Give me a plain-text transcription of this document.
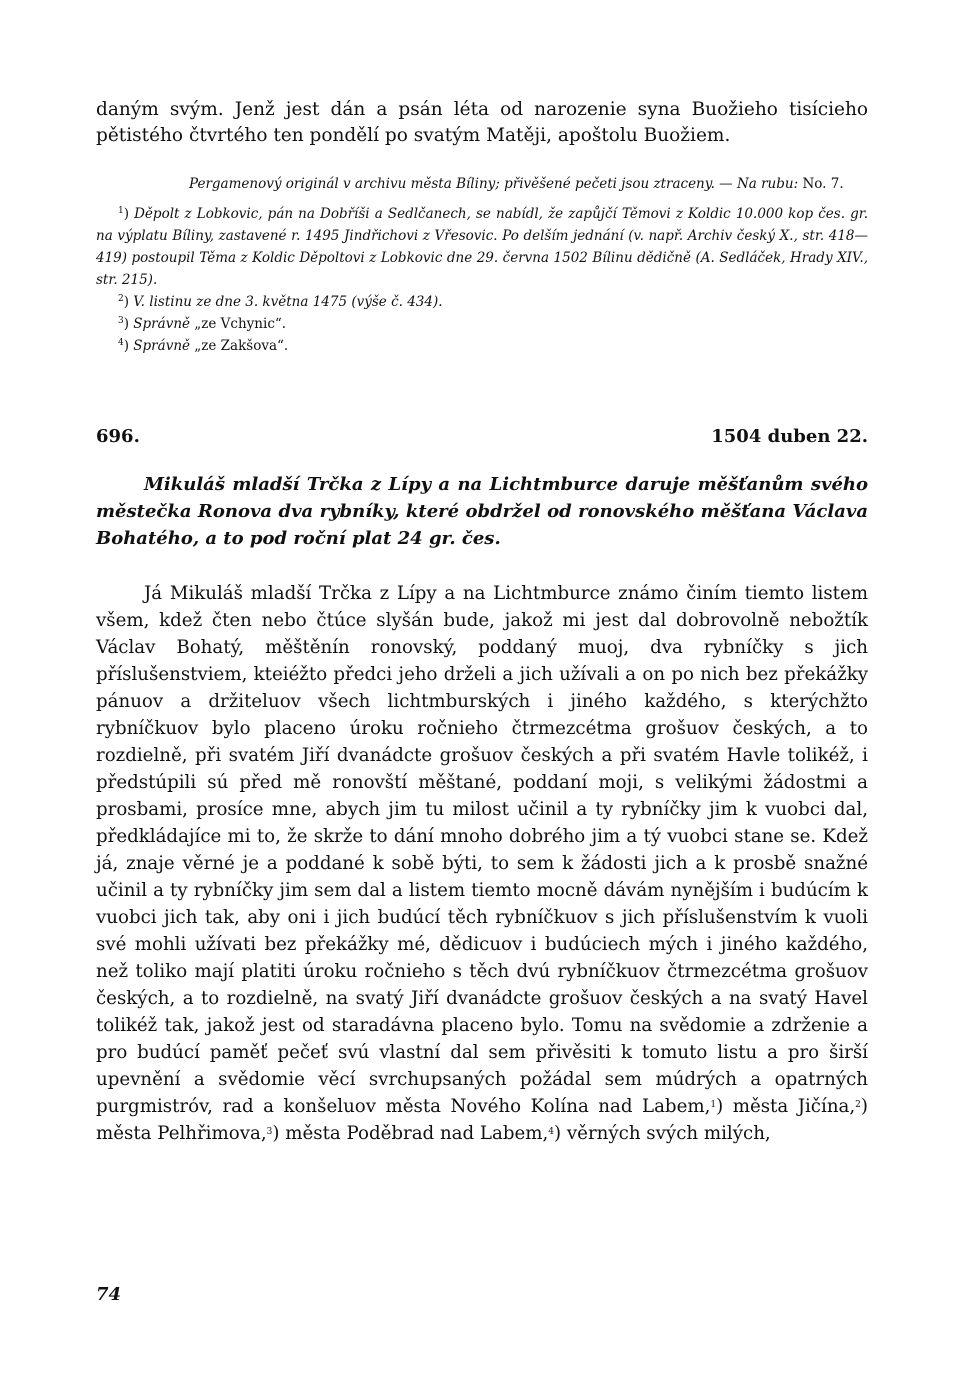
daným svým. Jenž jest dán a psán léta od narozenie syna Buožieho tisícieho pětistého čtvrtého ten pondělí po svatým Matěji, apoštolu Buožiem.

Pergamenový originál v archivu města Bíliny; přivěšené pečeti jsou ztraceny. — Na rubu: No. 7.

$^1$) Děpolt z Lobkovic, pán na Dobříši a Sedlčanech, se nabídl, že zapůjčí Těmovi z Koldic 10.000 kop čes. gr. na výplatu Bíliny, zastavené r. 1495 Jindřichovi z Vřesovic. Po delším jednání (v. např. Archiv český X., str. 418—419) postoupil Těma z Koldic Děpoltovi z Lobkovic dne 29. června 1502 Bílinu dědičně (A. Sedláček, Hrady XIV., str. 215).

$^2$) V. listinu ze dne 3. května 1475 (výše č. 434).

$^3$) Správně „ze Vchynic“.

$^4$) Správně „ze Zakšova“.

696.	1504 duben 22.

Mikuláš mladší Trčka z Lípy a na Lichtmburce daruje měšťanům svého městečka Ronova dva rybníky, které obdržel od ronovského měšťana Václava Bohatého, a to pod roční plat 24 gr. čes.

Já Mikuláš mladší Trčka z Lípy a na Lichtmburce známo činím tiemto listem všem, kdež čten nebo čtúce slyšán bude, jakož mi jest dal dobrovolně nebožtík Václav Bohatý, měštěnín ronovský, poddaný muoj, dva rybníčky s jich příslušenstviem, kteiéžto předci jeho drželi a jich užívali a on po nich bez překážky pánuov a držiteluov všech lichtmburských i jiného každého, s kterýchžto rybníčkuov bylo placeno úroku ročnieho čtrmezcétma grošuov českých, a to rozdielně, při svatém Jiří dvanádcte grošuov českých a při svatém Havle tolikéž, i předstúpili sú před mě ronovští měštané, poddaní moji, s velikými žádostmi a prosbami, prosíce mne, abych jim tu milost učinil a ty rybníčky jim k vuobci dal, předkládajíce mi to, že skrže to dání mnoho dobrého jim a tý vuobci stane se. Kdež já, znaje věrné je a poddané k sobě býti, to sem k žádosti jich a k prosbě snažné učinil a ty rybníčky jim sem dal a listem tiemto mocně dávám nynějším i budúcím k vuobci jich tak, aby oni i jich budúcí těch rybníčkuov s jich příslušenstvím k vuoli své mohli užívati bez překážky mé, dědicuov i budúciech mých i jiného každého, než toliko mají platiti úroku ročnieho s těch dvú rybníčkuov čtrmezcétma grošuov českých, a to rozdielně, na svatý Jiří dvanádcte grošuov českých a na svatý Havel tolikéž tak, jakož jest od staradávna placeno bylo. Tomu na svědomie a zdrženie a pro budúcí paměť pečeť svú vlastní dal sem přivěsiti k tomuto listu a pro širší upevnění a svědomie věcí svrchupsaných požádal sem múdrých a opatrných purgmistróv, rad a konšeluov města Nového Kolína nad Labem,$^1$) města Jičína,$^2$) města Pelhřimova,$^3$) města Poděbrad nad Labem,$^4$) věrných svých milých,

74
